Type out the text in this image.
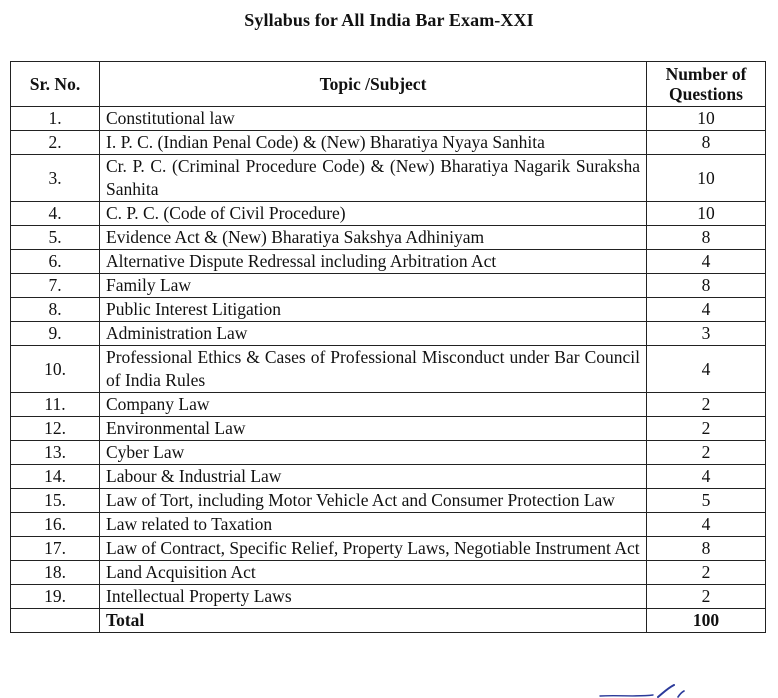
Syllabus for All India Bar Exam-XXI
Sr. No.	Topic /Subject	Number of Questions
1.	Constitutional law	10
2.	I. P. C. (Indian Penal Code) & (New) Bharatiya Nyaya Sanhita	8
3.	Cr. P. C. (Criminal Procedure Code) & (New) Bharatiya Nagarik Suraksha Sanhita	10
4.	C. P. C. (Code of Civil Procedure)	10
5.	Evidence Act & (New) Bharatiya Sakshya Adhiniyam	8
6.	Alternative Dispute Redressal including Arbitration Act	4
7.	Family Law	8
8.	Public Interest Litigation	4
9.	Administration Law	3
10.	Professional Ethics & Cases of Professional Misconduct under Bar Council of India Rules	4
11.	Company Law	2
12.	Environmental Law	2
13.	Cyber Law	2
14.	Labour & Industrial Law	4
15.	Law of Tort, including Motor Vehicle Act and Consumer Protection Law	5
16.	Law related to Taxation	4
17.	Law of Contract, Specific Relief, Property Laws, Negotiable Instrument Act	8
18.	Land Acquisition Act	2
19.	Intellectual Property Laws	2
	Total	100
